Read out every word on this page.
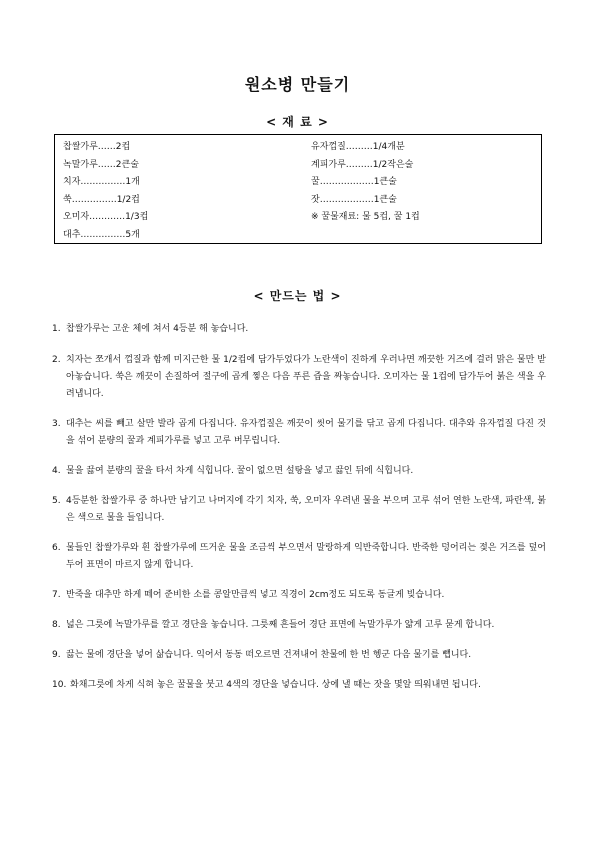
원소병 만들기
< 재 료 >
찹쌀가루……2컵
녹말가루……2큰술
치자……………1개
쑥……………1/2컵
오미자…………1/3컵
대추……………5개
유자껍질………1/4개분
계피가루………1/2작은술
꿀………………1큰술
잣………………1큰술
※ 꿀물재료: 물 5컵, 꿀 1컵
< 만드는 법 >
1. 찹쌀가루는 고운 체에 쳐서 4등분 해 놓습니다.
2. 치자는 쪼개서 껍질과 함께 미지근한 물 1/2컵에 담가두었다가 노란색이 진하게 우러나면 깨끗한 거즈에 걸러 맑은 물만 받아놓습니다. 쑥은 깨끗이 손질하여 절구에 곱게 찧은 다음 푸른 즙을 짜놓습니다. 오미자는 물 1컵에 담가두어 붉은 색을 우려냅니다.
3. 대추는 씨를 빼고 살만 발라 곱게 다집니다. 유자껍질은 깨끗이 씻어 물기를 닦고 곱게 다집니다. 대추와 유자껍질 다진 것을 섞어 분량의 꿀과 계피가루를 넣고 고루 버무립니다.
4. 물을 끓여 분량의 꿀을 타서 차게 식힙니다. 꿀이 없으면 설탕을 넣고 끓인 뒤에 식힙니다.
5. 4등분한 찹쌀가루 중 하나만 남기고 나머지에 각기 치자, 쑥, 오미자 우려낸 물을 부으며 고루 섞어 연한 노란색, 파란색, 붉은 색으로 물을 들입니다.
6. 물들인 찹쌀가루와 흰 찹쌀가루에 뜨거운 물을 조금씩 부으면서 말랑하게 익반죽합니다. 반죽한 덩어리는 젖은 거즈를 덮어두어 표면이 마르지 않게 합니다.
7. 반죽을 대추만 하게 떼어 준비한 소를 콩알만큼씩 넣고 직경이 2cm정도 되도록 동글게 빚습니다.
8. 넓은 그릇에 녹말가루를 깔고 경단을 놓습니다. 그릇째 흔들어 경단 표면에 녹말가루가 얇게 고루 묻게 합니다.
9. 끓는 물에 경단을 넣어 삶습니다. 익어서 동동 떠오르면 건져내어 찬물에 한 번 헹군 다음 물기를 뺍니다.
10. 화채그릇에 차게 식혀 놓은 꿀물을 붓고 4색의 경단을 넣습니다. 상에 낼 때는 잣을 몇알 띄워내면 됩니다.
